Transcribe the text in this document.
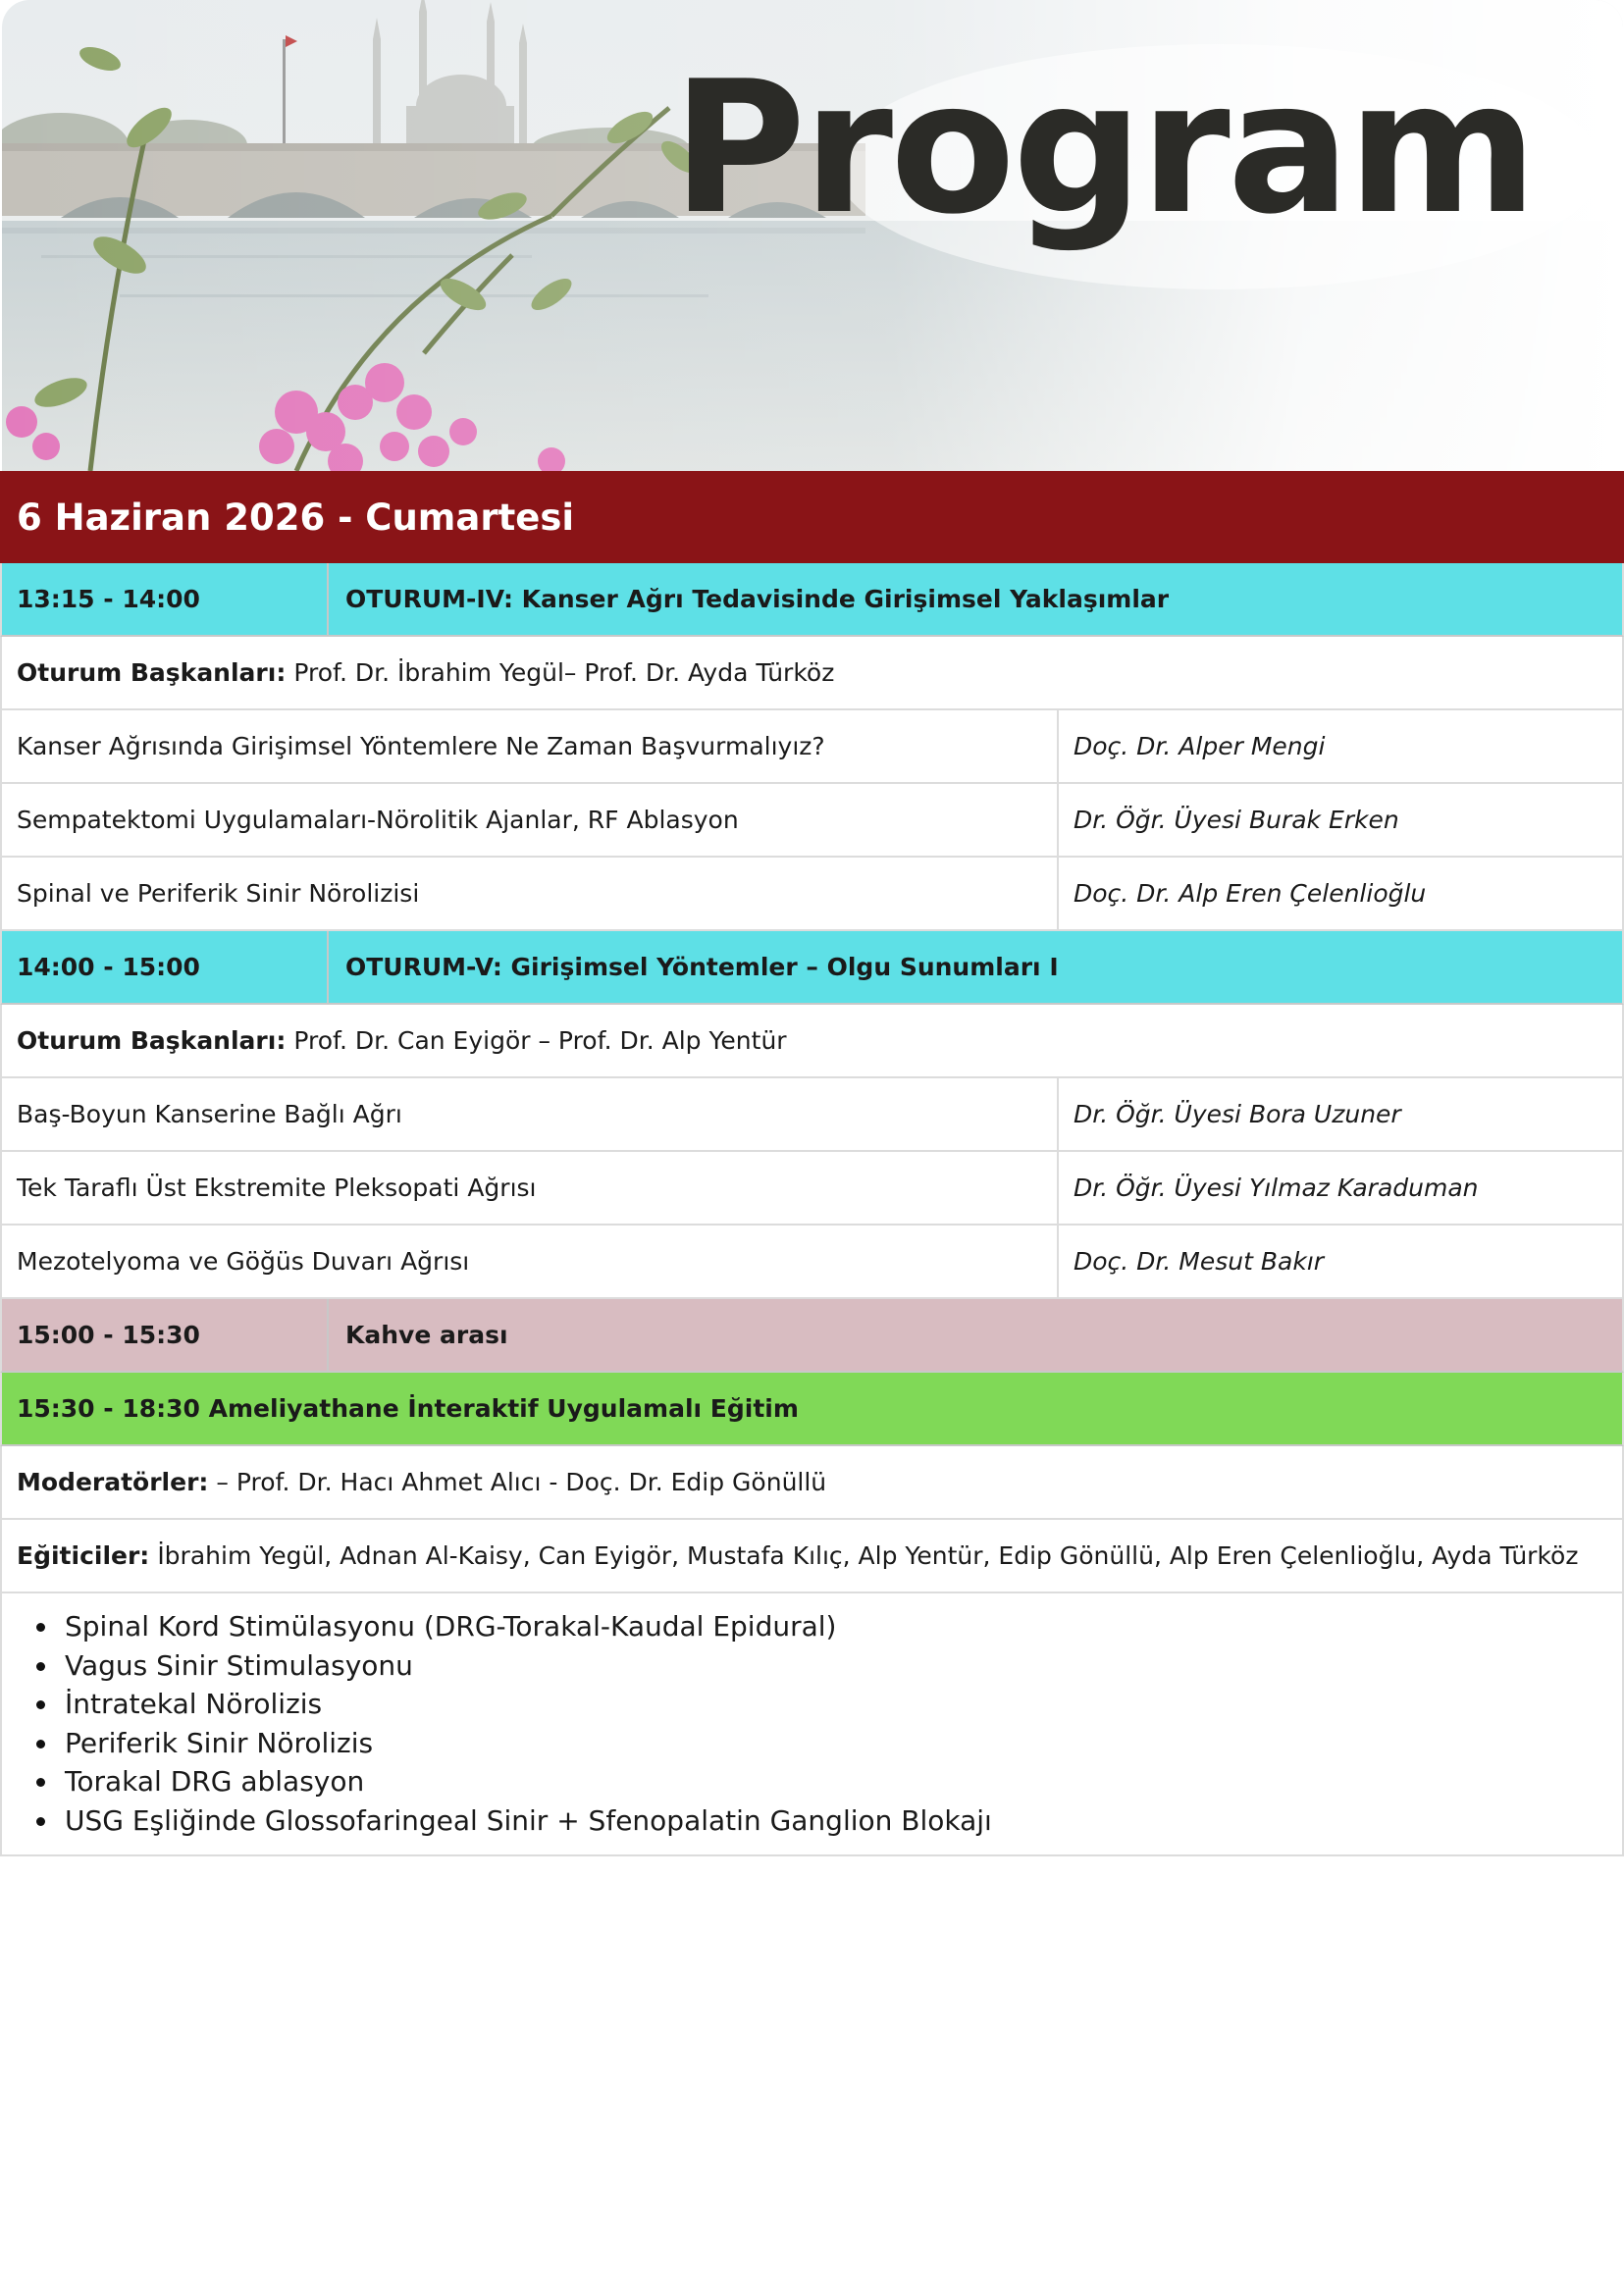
Program
6 Haziran 2026 - Cumartesi
13:15 - 14:00	OTURUM-IV: Kanser Ağrı Tedavisinde Girişimsel Yaklaşımlar
Oturum Başkanları: Prof. Dr. İbrahim Yegül– Prof. Dr. Ayda Türköz
Kanser Ağrısında Girişimsel Yöntemlere Ne Zaman Başvurmalıyız?	Doç. Dr. Alper Mengi
Sempatektomi Uygulamaları-Nörolitik Ajanlar, RF Ablasyon	Dr. Öğr. Üyesi Burak Erken
Spinal ve Periferik Sinir Nörolizisi	Doç. Dr. Alp Eren Çelenlioğlu
14:00 - 15:00	OTURUM-V: Girişimsel Yöntemler – Olgu Sunumları I
Oturum Başkanları: Prof. Dr. Can Eyigör – Prof. Dr. Alp Yentür
Baş-Boyun Kanserine Bağlı Ağrı	Dr. Öğr. Üyesi Bora Uzuner
Tek Taraflı Üst Ekstremite Pleksopati Ağrısı	Dr. Öğr. Üyesi Yılmaz Karaduman
Mezotelyoma ve Göğüs Duvarı Ağrısı	Doç. Dr. Mesut Bakır
15:00 - 15:30	Kahve arası
15:30 - 18:30 Ameliyathane İnteraktif Uygulamalı Eğitim
Moderatörler: – Prof. Dr. Hacı Ahmet Alıcı - Doç. Dr. Edip Gönüllü
Eğiticiler: İbrahim Yegül, Adnan Al-Kaisy, Can Eyigör, Mustafa Kılıç, Alp Yentür, Edip Gönüllü, Alp Eren Çelenlioğlu, Ayda Türköz
Spinal Kord Stimülasyonu (DRG-Torakal-Kaudal Epidural)
Vagus Sinir Stimulasyonu
İntratekal Nörolizis
Periferik Sinir Nörolizis
Torakal DRG ablasyon
USG Eşliğinde Glossofaringeal Sinir + Sfenopalatin Ganglion Blokajı
